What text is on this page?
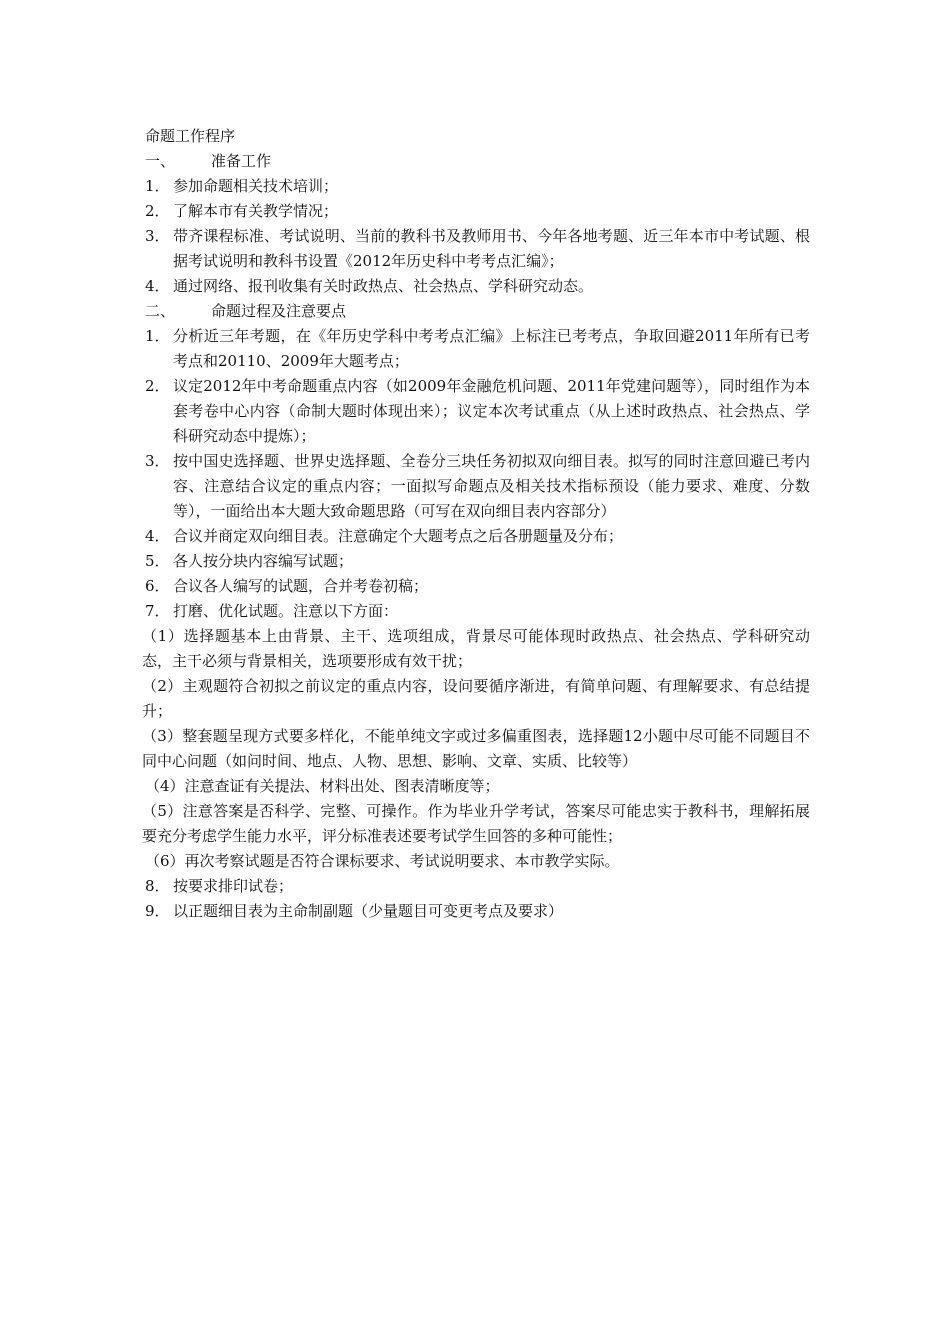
命题工作程序
一、 准备工作
1． 参加命题相关技术培训；
2． 了解本市有关教学情况；
3． 带齐课程标准、考试说明、当前的教科书及教师用书、今年各地考题、近三年本市中考试题、根据考试说明和教科书设置《2012年历史科中考考点汇编》；
4． 通过网络、报刊收集有关时政热点、社会热点、学科研究动态。
二、 命题过程及注意要点
1． 分析近三年考题，在《年历史学科中考考点汇编》上标注已考考点，争取回避2011年所有已考考点和20110、2009年大题考点；
2． 议定2012年中考命题重点内容（如2009年金融危机问题、2011年党建问题等），同时组作为本套考卷中心内容（命制大题时体现出来）；议定本次考试重点（从上述时政热点、社会热点、学科研究动态中提炼）；
3． 按中国史选择题、世界史选择题、全卷分三块任务初拟双向细目表。拟写的同时注意回避已考内容、注意结合议定的重点内容；一面拟写命题点及相关技术指标预设（能力要求、难度、分数等），一面给出本大题大致命题思路（可写在双向细目表内容部分）
4． 合议并商定双向细目表。注意确定个大题考点之后各册题量及分布；
5． 各人按分块内容编写试题；
6． 合议各人编写的试题，合并考卷初稿；
7． 打磨、优化试题。注意以下方面：
（1）选择题基本上由背景、主干、选项组成，背景尽可能体现时政热点、社会热点、学科研究动态，主干必须与背景相关，选项要形成有效干扰；
（2）主观题符合初拟之前议定的重点内容，设问要循序渐进，有简单问题、有理解要求、有总结提升；
（3）整套题呈现方式要多样化，不能单纯文字或过多偏重图表，选择题12小题中尽可能不同题目不同中心问题（如问时间、地点、人物、思想、影响、文章、实质、比较等）
（4）注意查证有关提法、材料出处、图表清晰度等；
（5）注意答案是否科学、完整、可操作。作为毕业升学考试，答案尽可能忠实于教科书，理解拓展要充分考虑学生能力水平，评分标准表述要考试学生回答的多种可能性；
（6）再次考察试题是否符合课标要求、考试说明要求、本市教学实际。
8． 按要求排印试卷；
9． 以正题细目表为主命制副题（少量题目可变更考点及要求）
